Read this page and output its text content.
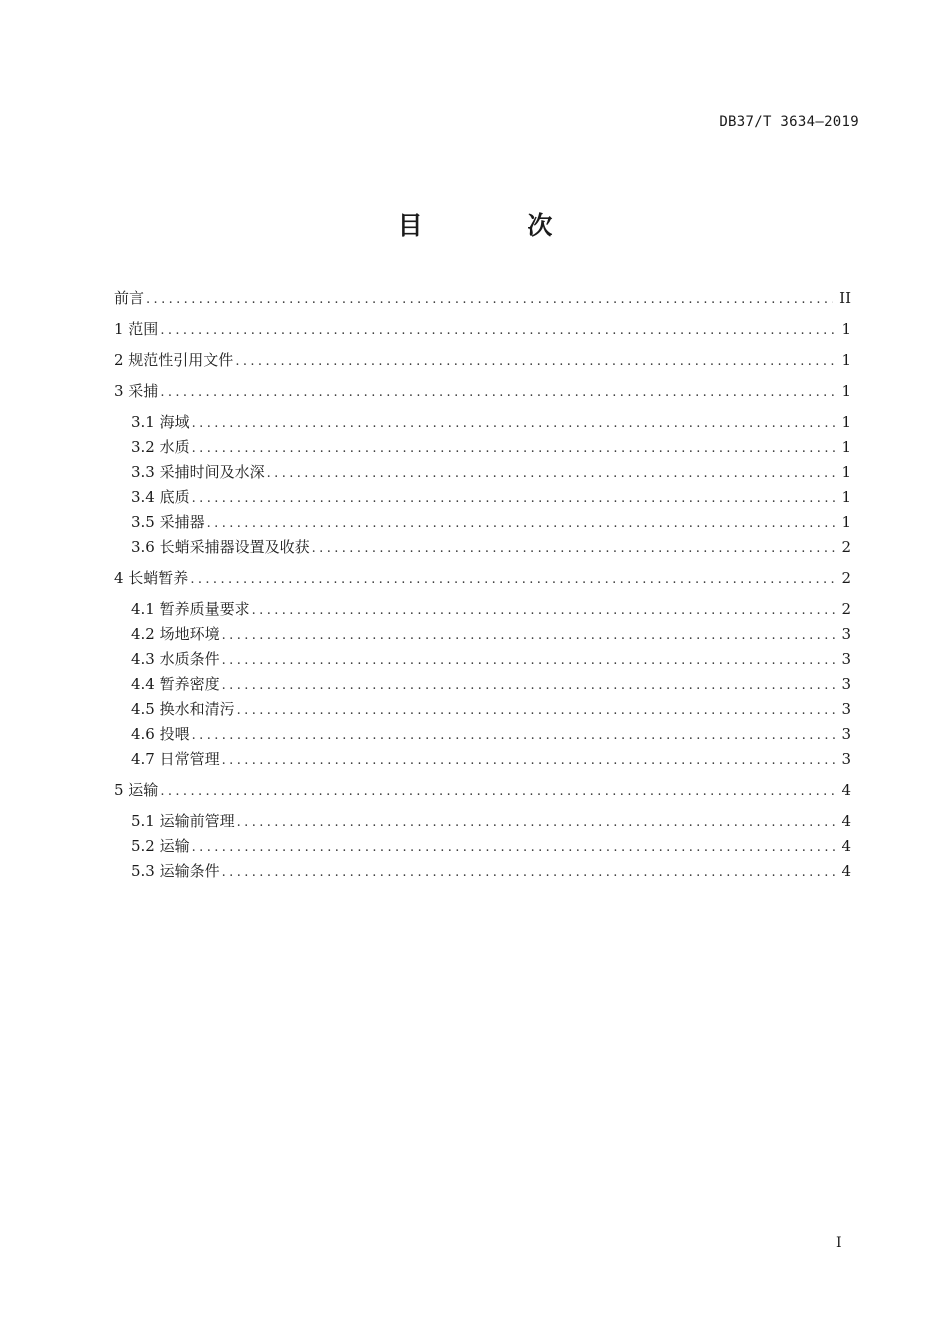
DB37/T 3634—2019
目 次
前言 .....	II
1 范围 .....	1
2 规范性引用文件 .....	1
3 采捕 .....	1
3.1 海域 .....	1
3.2 水质 .....	1
3.3 采捕时间及水深 .....	1
3.4 底质 .....	1
3.5 采捕器 .....	1
3.6 长蛸采捕器设置及收获 .....	2
4 长蛸暂养 .....	2
4.1 暂养质量要求 .....	2
4.2 场地环境 .....	3
4.3 水质条件 .....	3
4.4 暂养密度 .....	3
4.5 换水和清污 .....	3
4.6 投喂 .....	3
4.7 日常管理 .....	3
5 运输 .....	4
5.1 运输前管理 .....	4
5.2 运输 .....	4
5.3 运输条件 .....	4
I
